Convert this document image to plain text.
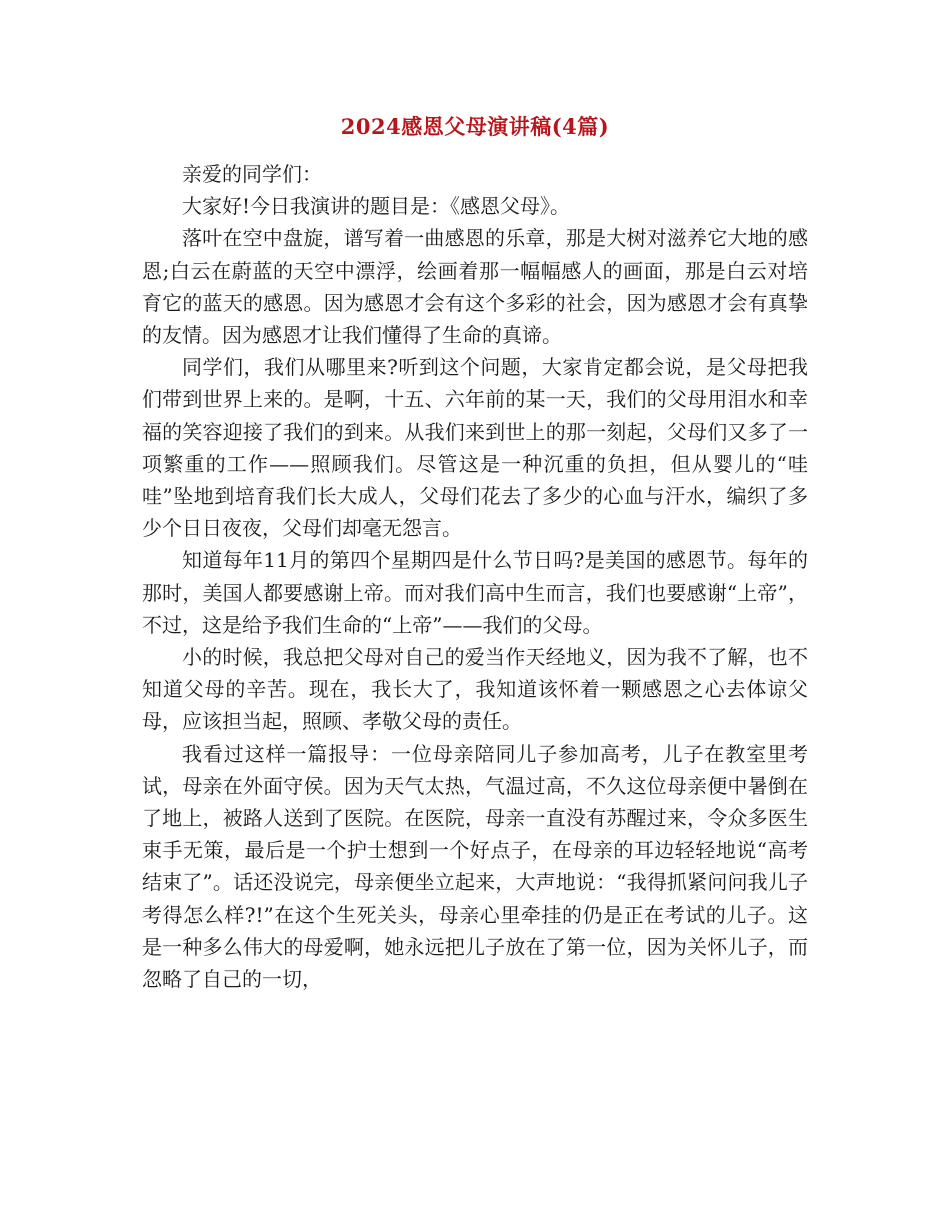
2024感恩父母演讲稿(4篇)

亲爱的同学们：

大家好!今日我演讲的题目是：《感恩父母》。

落叶在空中盘旋，谱写着一曲感恩的乐章，那是大树对滋养它大地的感恩;白云在蔚蓝的天空中漂浮，绘画着那一幅幅感人的画面，那是白云对培育它的蓝天的感恩。因为感恩才会有这个多彩的社会，因为感恩才会有真挚的友情。因为感恩才让我们懂得了生命的真谛。

同学们，我们从哪里来?听到这个问题，大家肯定都会说，是父母把我们带到世界上来的。是啊，十五、六年前的某一天，我们的父母用泪水和幸福的笑容迎接了我们的到来。从我们来到世上的那一刻起，父母们又多了一项繁重的工作——照顾我们。尽管这是一种沉重的负担，但从婴儿的“哇哇”坠地到培育我们长大成人，父母们花去了多少的心血与汗水，编织了多少个日日夜夜，父母们却毫无怨言。

知道每年11月的第四个星期四是什么节日吗?是美国的感恩节。每年的那时，美国人都要感谢上帝。而对我们高中生而言，我们也要感谢“上帝”，不过，这是给予我们生命的“上帝”——我们的父母。

小的时候，我总把父母对自己的爱当作天经地义，因为我不了解，也不知道父母的辛苦。现在，我长大了，我知道该怀着一颗感恩之心去体谅父母，应该担当起，照顾、孝敬父母的责任。

我看过这样一篇报导：一位母亲陪同儿子参加高考，儿子在教室里考试，母亲在外面守侯。因为天气太热，气温过高，不久这位母亲便中暑倒在了地上，被路人送到了医院。在医院，母亲一直没有苏醒过来，令众多医生束手无策，最后是一个护士想到一个好点子，在母亲的耳边轻轻地说“高考结束了”。话还没说完，母亲便坐立起来，大声地说：“我得抓紧问问我儿子考得怎么样?!”在这个生死关头，母亲心里牵挂的仍是正在考试的儿子。这是一种多么伟大的母爱啊，她永远把儿子放在了第一位，因为关怀儿子，而忽略了自己的一切，
